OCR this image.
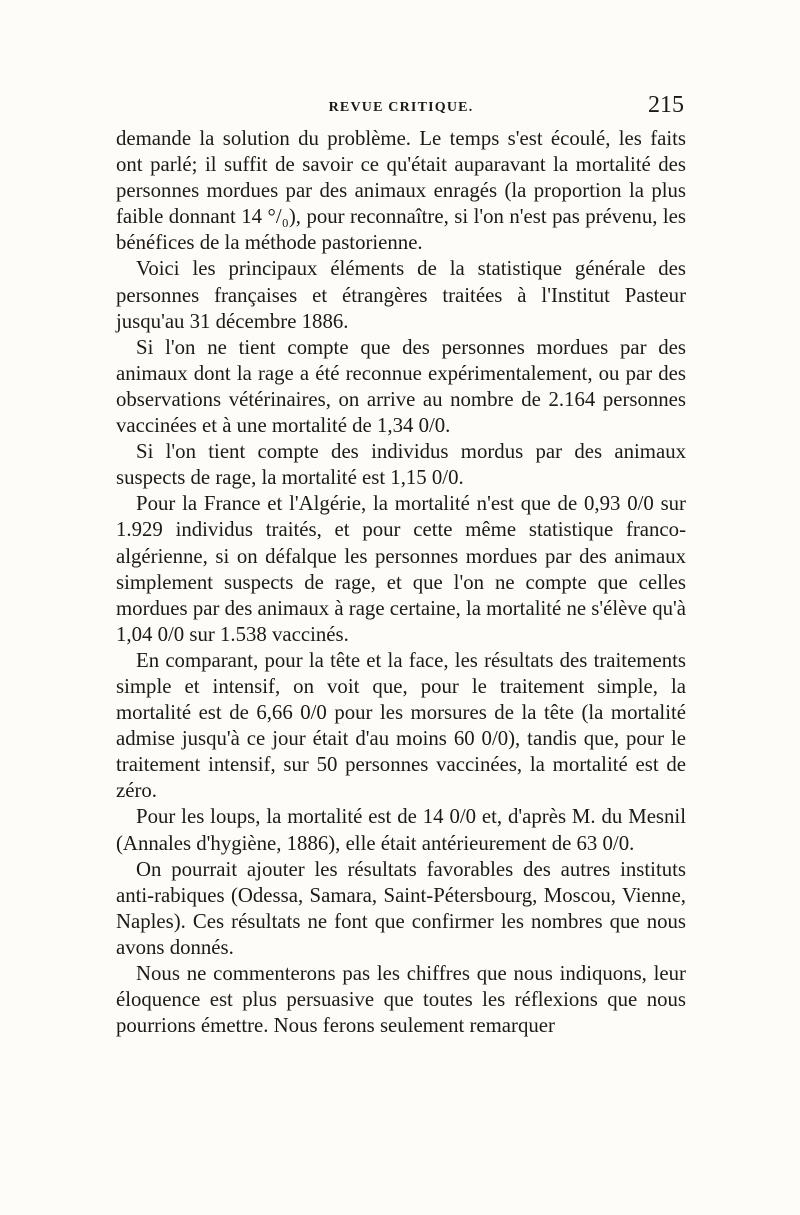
REVUE CRITIQUE.	215

demande la solution du problème. Le temps s'est écoulé, les faits ont parlé; il suffit de savoir ce qu'était auparavant la mortalité des personnes mordues par des animaux enragés (la proportion la plus faible donnant 14 °/₀), pour reconnaître, si l'on n'est pas prévenu, les bénéfices de la méthode pastorienne.

Voici les principaux éléments de la statistique générale des personnes françaises et étrangères traitées à l'Institut Pasteur jusqu'au 31 décembre 1886.

Si l'on ne tient compte que des personnes mordues par des animaux dont la rage a été reconnue expérimentalement, ou par des observations vétérinaires, on arrive au nombre de 2.164 personnes vaccinées et à une mortalité de 1,34 0/0.

Si l'on tient compte des individus mordus par des animaux suspects de rage, la mortalité est 1,15 0/0.

Pour la France et l'Algérie, la mortalité n'est que de 0,93 0/0 sur 1.929 individus traités, et pour cette même statistique franco-algérienne, si on défalque les personnes mordues par des animaux simplement suspects de rage, et que l'on ne compte que celles mordues par des animaux à rage certaine, la mortalité ne s'élève qu'à 1,04 0/0 sur 1.538 vaccinés.

En comparant, pour la tête et la face, les résultats des traitements simple et intensif, on voit que, pour le traitement simple, la mortalité est de 6,66 0/0 pour les morsures de la tête (la mortalité admise jusqu'à ce jour était d'au moins 60 0/0), tandis que, pour le traitement intensif, sur 50 personnes vaccinées, la mortalité est de zéro.

Pour les loups, la mortalité est de 14 0/0 et, d'après M. du Mesnil (Annales d'hygiène, 1886), elle était antérieurement de 63 0/0.

On pourrait ajouter les résultats favorables des autres instituts anti-rabiques (Odessa, Samara, Saint-Pétersbourg, Moscou, Vienne, Naples). Ces résultats ne font que confirmer les nombres que nous avons donnés.

Nous ne commenterons pas les chiffres que nous indiquons, leur éloquence est plus persuasive que toutes les réflexions que nous pourrions émettre. Nous ferons seulement remarquer
